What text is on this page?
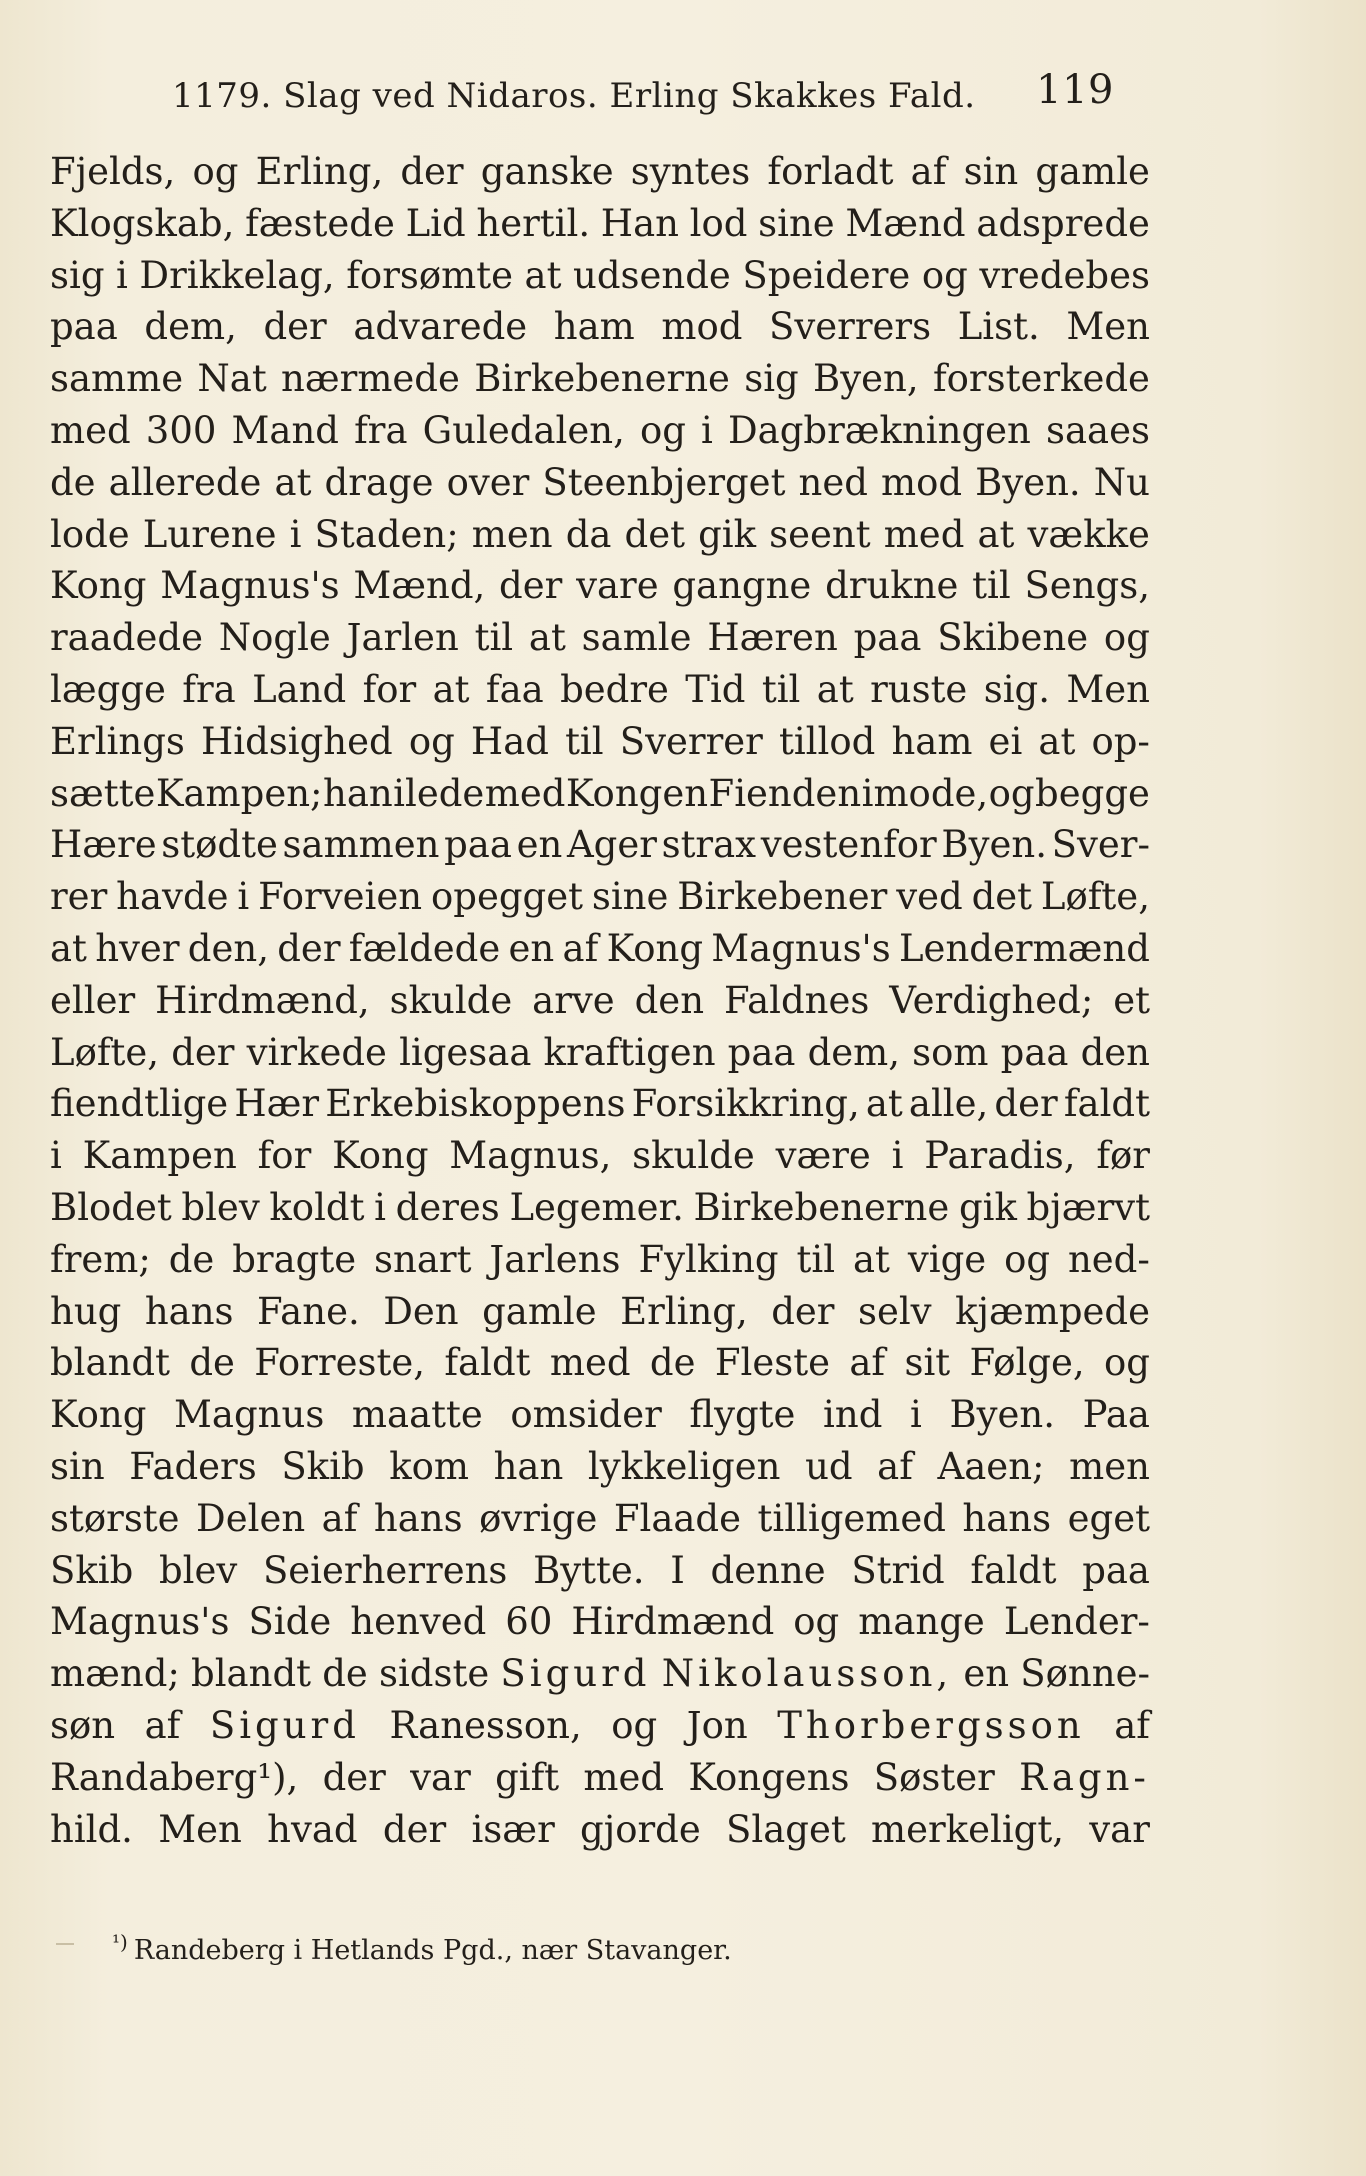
1179. Slag ved Nidaros. Erling Skakkes Fald. 119
Fjelds, og Erling, der ganske syntes forladt af sin gamle
Klogskab, fæstede Lid hertil. Han lod sine Mænd adsprede
sig i Drikkelag, forsømte at udsende Speidere og vredebes
paa dem, der advarede ham mod Sverrers List. Men
samme Nat nærmede Birkebenerne sig Byen, forsterkede
med 300 Mand fra Guledalen, og i Dagbrækningen saaes
de allerede at drage over Steenbjerget ned mod Byen. Nu
lode Lurene i Staden; men da det gik seent med at vække
Kong Magnus's Mænd, der vare gangne drukne til Sengs,
raadede Nogle Jarlen til at samle Hæren paa Skibene og
lægge fra Land for at faa bedre Tid til at ruste sig. Men
Erlings Hidsighed og Had til Sverrer tillod ham ei at op-
sætte Kampen; han ilede med Kongen Fienden imode, og begge
Hære stødte sammen paa en Ager strax vestenfor Byen. Sver-
rer havde i Forveien opegget sine Birkebener ved det Løfte,
at hver den, der fældede en af Kong Magnus's Lendermænd
eller Hirdmænd, skulde arve den Faldnes Verdighed; et
Løfte, der virkede ligesaa kraftigen paa dem, som paa den
fiendtlige Hær Erkebiskoppens Forsikkring, at alle, der faldt
i Kampen for Kong Magnus, skulde være i Paradis, før
Blodet blev koldt i deres Legemer. Birkebenerne gik bjærvt
frem; de bragte snart Jarlens Fylking til at vige og ned-
hug hans Fane. Den gamle Erling, der selv kjæmpede
blandt de Forreste, faldt med de Fleste af sit Følge, og
Kong Magnus maatte omsider flygte ind i Byen. Paa
sin Faders Skib kom han lykkeligen ud af Aaen; men
største Delen af hans øvrige Flaade tilligemed hans eget
Skib blev Seierherrens Bytte. I denne Strid faldt paa
Magnus's Side henved 60 Hirdmænd og mange Lender-
mænd; blandt de sidste Sigurd Nikolausson, en Sønne-
søn af Sigurd Ranesson, og Jon Thorbergsson af
Randaberg¹), der var gift med Kongens Søster Ragn-
hild. Men hvad der især gjorde Slaget merkeligt, var
$^{^1)}$ Randeberg i Hetlands Pgd., nær Stavanger.
